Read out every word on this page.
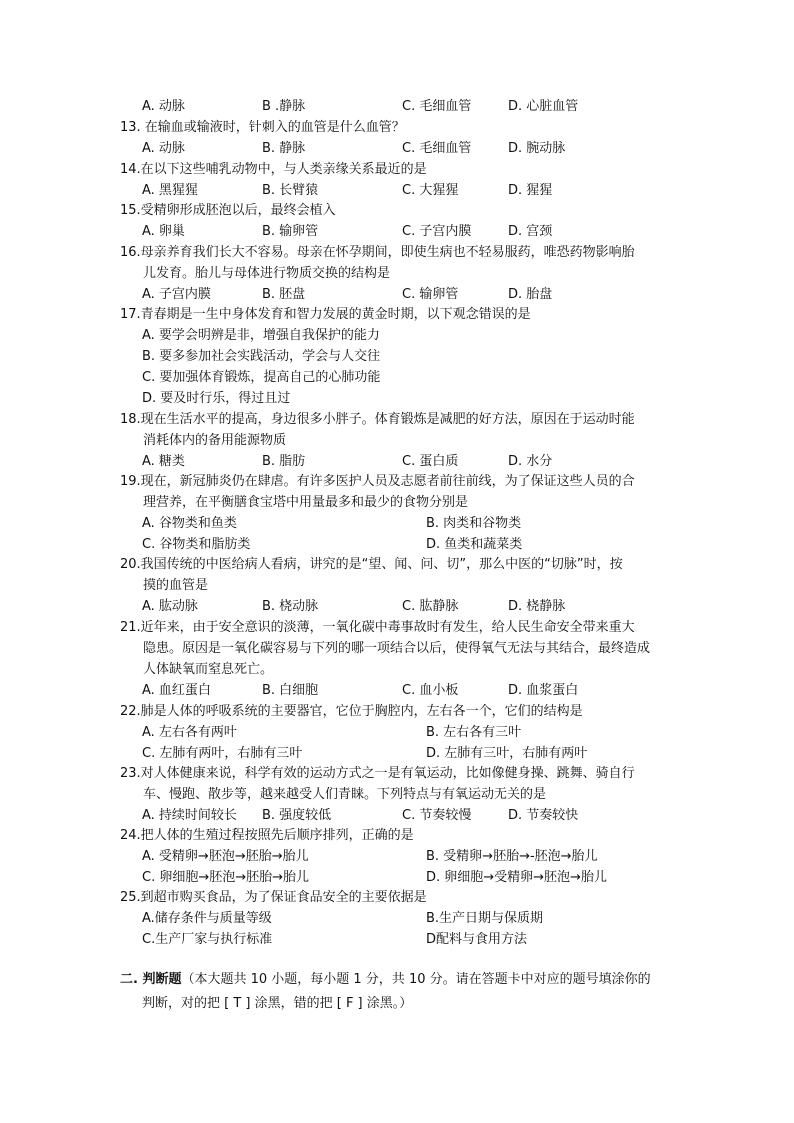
A. 动脉	B .静脉	C. 毛细血管	D. 心脏血管
13. 在输血或输液时，针刺入的血管是什么血管？
A. 动脉	B. 静脉	C. 毛细血管	D. 腕动脉
14.在以下这些哺乳动物中，与人类亲缘关系最近的是
A. 黑猩猩	B. 长臂猿	C. 大猩猩	D. 猩猩
15.受精卵形成胚泡以后，最终会植入
A. 卵巢	B. 输卵管	C. 子宫内膜	D. 宫颈
16.母亲养育我们长大不容易。母亲在怀孕期间，即使生病也不轻易服药，唯恐药物影响胎
儿发育。胎儿与母体进行物质交换的结构是
A. 子宫内膜	B. 胚盘	C. 输卵管	D. 胎盘
17.青春期是一生中身体发育和智力发展的黄金时期，以下观念错误的是
A. 要学会明辨是非，增强自我保护的能力
B. 要多参加社会实践活动，学会与人交往
C. 要加强体育锻炼，提高自己的心肺功能
D. 要及时行乐，得过且过
18.现在生活水平的提高，身边很多小胖子。体育锻炼是减肥的好方法，原因在于运动时能
消耗体内的备用能源物质
A. 糖类	B. 脂肪	C. 蛋白质	D. 水分
19.现在，新冠肺炎仍在肆虐。有许多医护人员及志愿者前往前线，为了保证这些人员的合
理营养，在平衡膳食宝塔中用量最多和最少的食物分别是
A. 谷物类和鱼类	B. 肉类和谷物类
C. 谷物类和脂肪类	D. 鱼类和蔬菜类
20.我国传统的中医给病人看病，讲究的是“望、闻、问、切”，那么中医的“切脉”时，按
摸的血管是
A. 肱动脉	B. 桡动脉	C. 肱静脉	D. 桡静脉
21.近年来，由于安全意识的淡薄，一氧化碳中毒事故时有发生，给人民生命安全带来重大
隐患。原因是一氧化碳容易与下列的哪一项结合以后，使得氧气无法与其结合，最终造成
人体缺氧而窒息死亡。
A. 血红蛋白	B. 白细胞	C. 血小板	D. 血浆蛋白
22.肺是人体的呼吸系统的主要器官，它位于胸腔内，左右各一个，它们的结构是
A. 左右各有两叶	B. 左右各有三叶
C. 左肺有两叶，右肺有三叶	D. 左肺有三叶，右肺有两叶
23.对人体健康来说，科学有效的运动方式之一是有氧运动，比如像健身操、跳舞、骑自行
车、慢跑、散步等，越来越受人们青睐。下列特点与有氧运动无关的是
A. 持续时间较长 B. 强度较低	C. 节奏较慢	D. 节奏较快
24.把人体的生殖过程按照先后顺序排列，正确的是
A. 受精卵→胚泡→胚胎→胎儿	B. 受精卵→胚胎→-胚泡→胎儿
C. 卵细胞→胚泡→胚胎→胎儿	D. 卵细胞→受精卵→胚泡→胎儿
25.到超市购买食品，为了保证食品安全的主要依据是
A.储存条件与质量等级	B.生产日期与保质期
C.生产厂家与执行标准	D配料与食用方法
二. 判断题（本大题共 10 小题，每小题 1 分，共 10 分。请在答题卡中对应的题号填涂你的
判断，对的把 [ T ] 涂黑，错的把 [ F ] 涂黑。）
